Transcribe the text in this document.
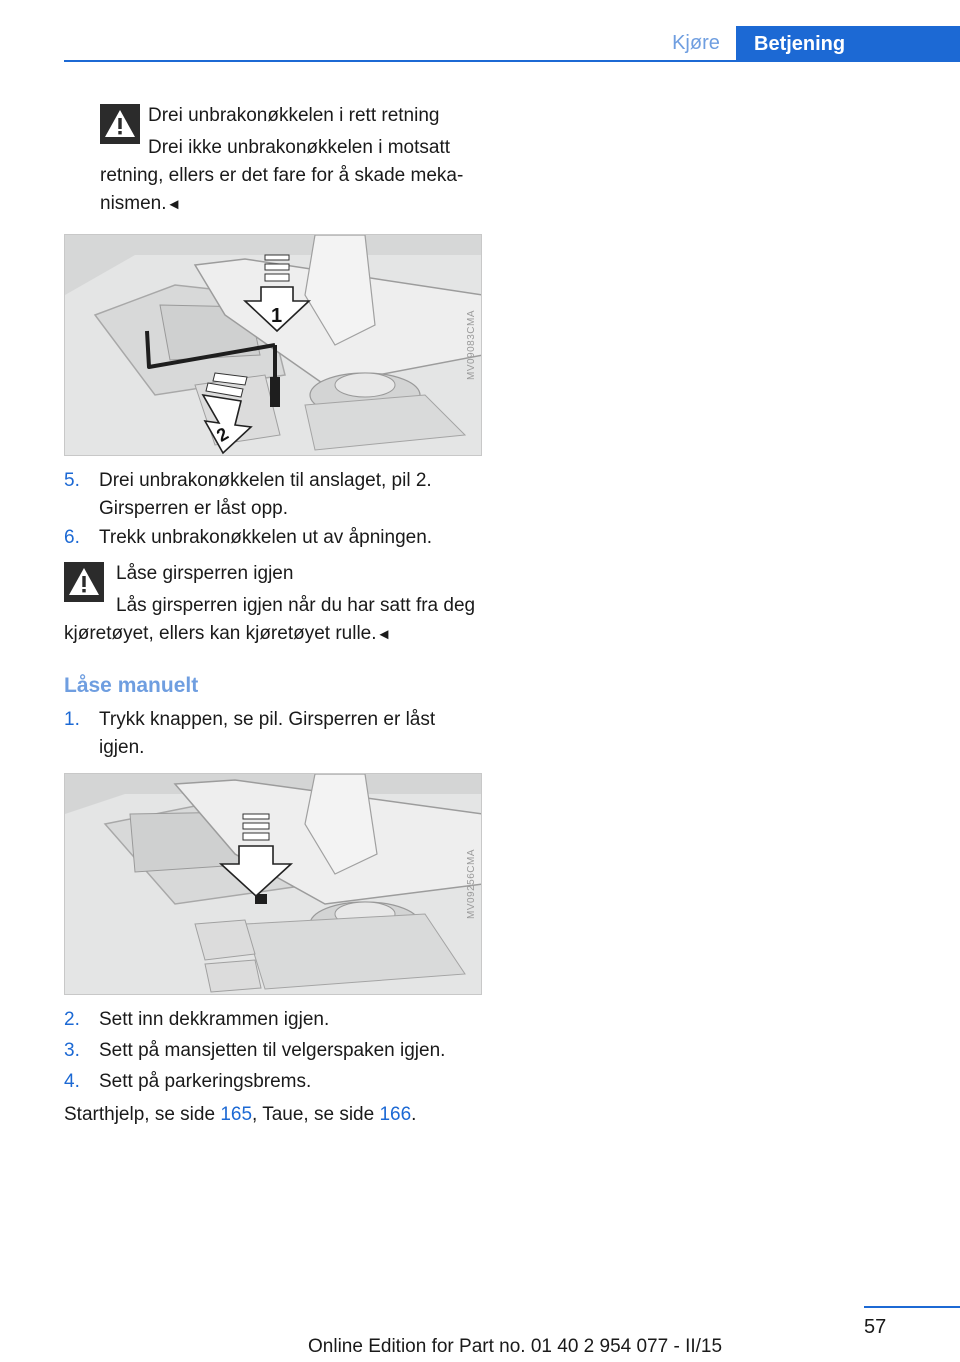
Kjøre	Betjening
Drei unbrakonøkkelen i rett retning
Drei ikke unbrakonøkkelen i motsatt retning, ellers er det fare for å skade mekanismen.◄
1
2
MV09083CMA
5.	Drei unbrakonøkkelen til anslaget, pil 2. Girsperren er låst opp.
6.	Trekk unbrakonøkkelen ut av åpningen.
Låse girsperren igjen
Lås girsperren igjen når du har satt fra deg kjøretøyet, ellers kan kjøretøyet rulle.◄
Låse manuelt
1.	Trykk knappen, se pil. Girsperren er låst igjen.
MV09256CMA
2.	Sett inn dekkrammen igjen.
3.	Sett på mansjetten til velgerspaken igjen.
4.	Sett på parkeringsbrems.
Starthjelp, se side 165, Taue, se side 166.
57
Online Edition for Part no. 01 40 2 954 077 - II/15
